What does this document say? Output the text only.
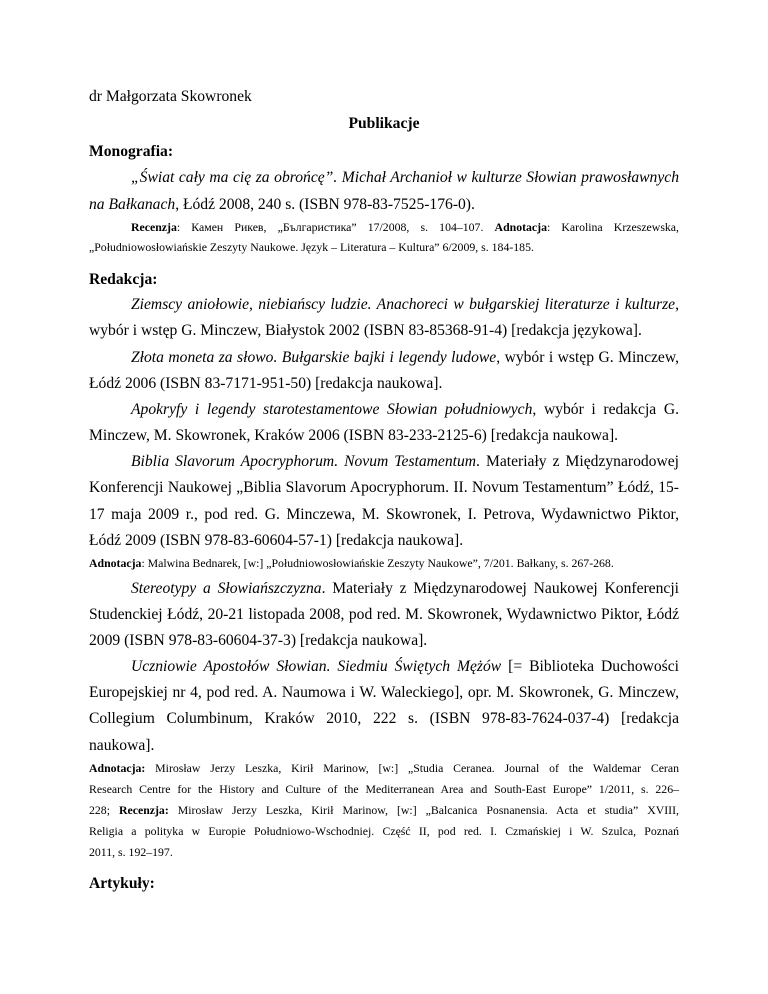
dr Małgorzata Skowronek
Publikacje
Monografia:
„Świat cały ma cię za obrońcę”. Michał Archanioł w kulturze Słowian prawosławnych
na Bałkanach, Łódź 2008, 240 s. (ISBN 978-83-7525-176-0).
Recenzja: Камен Рикев, „Българистика” 17/2008, s. 104–107. Adnotacja: Karolina Krzeszewska,
„Południowosłowiańskie Zeszyty Naukowe. Język – Literatura – Kultura” 6/2009, s. 184-185.
Redakcja:
Ziemscy aniołowie, niebiańscy ludzie. Anachoreci w bułgarskiej literaturze i kulturze,
wybór i wstęp G. Minczew, Białystok 2002 (ISBN 83-85368-91-4) [redakcja językowa].
Złota moneta za słowo. Bułgarskie bajki i legendy ludowe, wybór i wstęp G. Minczew,
Łódź 2006 (ISBN 83-7171-951-50) [redakcja naukowa].
Apokryfy i legendy starotestamentowe Słowian południowych, wybór i redakcja G.
Minczew, M. Skowronek, Kraków 2006 (ISBN 83-233-2125-6) [redakcja naukowa].
Biblia Slavorum Apocryphorum. Novum Testamentum. Materiały z Międzynarodowej
Konferencji Naukowej „Biblia Slavorum Apocryphorum. II. Novum Testamentum” Łódź, 15-
17 maja 2009 r., pod red. G. Minczewa, M. Skowronek, I. Petrova, Wydawnictwo Piktor,
Łódź 2009 (ISBN 978-83-60604-57-1) [redakcja naukowa].
Adnotacja: Malwina Bednarek, [w:] „Południowosłowiańskie Zeszyty Naukowe”, 7/201. Bałkany, s. 267-268.
Stereotypy a Słowiańszczyzna. Materiały z Międzynarodowej Naukowej Konferencji
Studenckiej Łódź, 20-21 listopada 2008, pod red. M. Skowronek, Wydawnictwo Piktor, Łódź
2009 (ISBN 978-83-60604-37-3) [redakcja naukowa].
Uczniowie Apostołów Słowian. Siedmiu Świętych Mężów [= Biblioteka Duchowości
Europejskiej nr 4, pod red. A. Naumowa i W. Waleckiego], opr. M. Skowronek, G. Minczew,
Collegium Columbinum, Kraków 2010, 222 s. (ISBN 978-83-7624-037-4) [redakcja
naukowa].
Adnotacja: Mirosław Jerzy Leszka, Kirił Marinow, [w:] „Studia Ceranea. Journal of the Waldemar Ceran
Research Centre for the History and Culture of the Mediterranean Area and South-East Europe” 1/2011, s. 226–
228; Recenzja: Mirosław Jerzy Leszka, Kirił Marinow, [w:] „Balcanica Posnanensia. Acta et studia” XVIII,
Religia a polityka w Europie Południowo-Wschodniej. Część II, pod red. I. Czmańskiej i W. Szulca, Poznań
2011, s. 192–197.
Artykuły:
